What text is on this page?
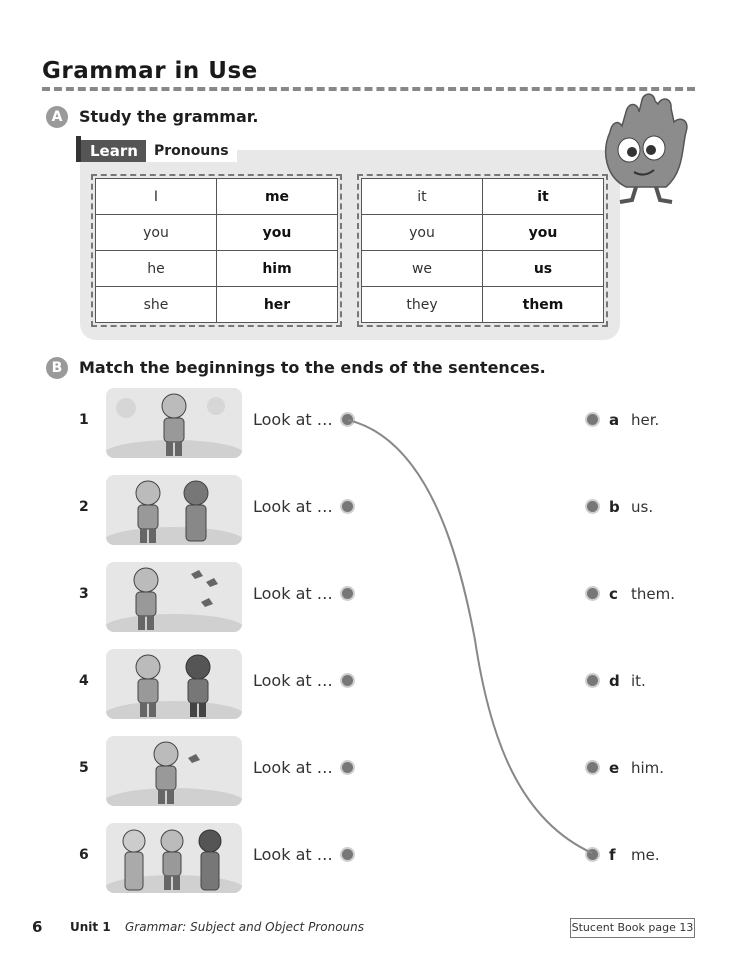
Grammar in Use
A	Study the grammar.
Learn	Pronouns
I	me
you	you
he	him
she	her
it	it
you	you
we	us
they	them
B	Match the beginnings to the ends of the sentences.
1	Look at …	a her.
2	Look at …	b us.
3	Look at …	c them.
4	Look at …	d it.
5	Look at …	e him.
6	Look at …	f me.
6 Unit 1 Grammar: Subject and Object Pronouns	Stucent Book page 13
